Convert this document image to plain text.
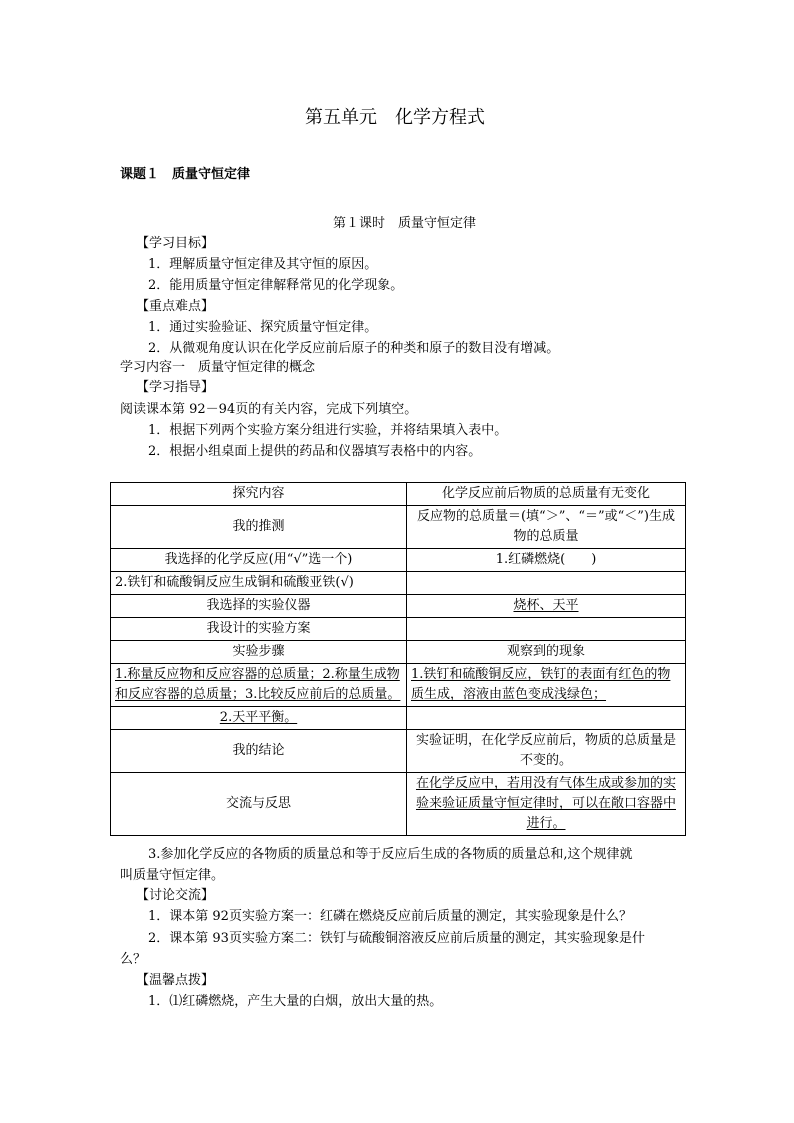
第五单元　化学方程式
课题１　质量守恒定律
第１课时　质量守恒定律
【学习目标】
1．理解质量守恒定律及其守恒的原因。
2．能用质量守恒定律解释常见的化学现象。
【重点难点】
1．通过实验验证、探究质量守恒定律。
2．从微观角度认识在化学反应前后原子的种类和原子的数目没有增减。
学习内容一　质量守恒定律的概念
【学习指导】
阅读课本第 92－94页的有关内容，完成下列填空。
1．根据下列两个实验方案分组进行实验，并将结果填入表中。
2．根据小组桌面上提供的药品和仪器填写表格中的内容。
探究内容	化学反应前后物质的总质量有无变化
我的推测	反应物的总质量＝(填“＞”、“＝”或“＜”)生成物的总质量
我选择的化学反应(用“√”选一个)	1.红磷燃烧(　　)
2.铁钉和硫酸铜反应生成铜和硫酸亚铁(√)	
我选择的实验仪器	烧杯、天平
我设计的实验方案	
实验步骤	观察到的现象
1.称量反应物和反应容器的总质量；2.称量生成物和反应容器的总质量；3.比较反应前后的总质量。	1.铁钉和硫酸铜反应，铁钉的表面有红色的物质生成，溶液由蓝色变成浅绿色；
2.天平平衡。	
我的结论	实验证明，在化学反应前后，物质的总质量是不变的。
交流与反思	在化学反应中，若用没有气体生成或参加的实验来验证质量守恒定律时，可以在敞口容器中进行。
3.参加化学反应的各物质的质量总和等于反应后生成的各物质的质量总和,这个规律就
叫质量守恒定律。
【讨论交流】
1．课本第 92页实验方案一：红磷在燃烧反应前后质量的测定，其实验现象是什么？
2．课本第 93页实验方案二：铁钉与硫酸铜溶液反应前后质量的测定，其实验现象是什
么？
【温馨点拨】
1．⑴红磷燃烧，产生大量的白烟，放出大量的热。
